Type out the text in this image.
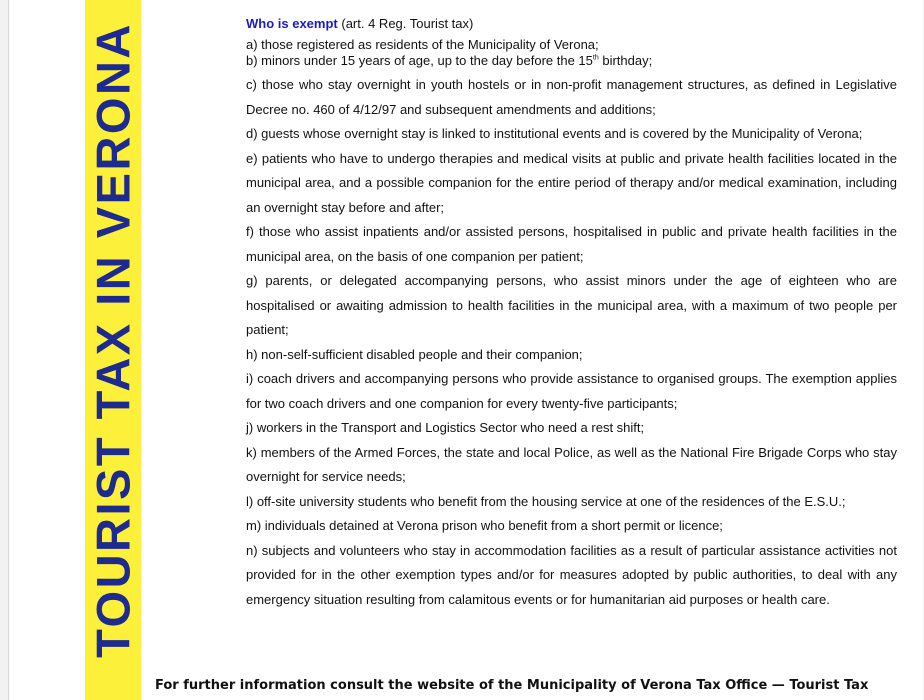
TOURIST TAX IN VERONA	Who is exempt (art. 4 Reg. Tourist tax)
a) those registered as residents of the Municipality of Verona;
b) minors under 15 years of age, up to the day before the 15th birthday;
c) those who stay overnight in youth hostels or in non-profit management structures, as defined in Legislative Decree no. 460 of 4/12/97 and subsequent amendments and additions;
d) guests whose overnight stay is linked to institutional events and is covered by the Municipality of Verona;
e) patients who have to undergo therapies and medical visits at public and private health facilities located in the municipal area, and a possible companion for the entire period of therapy and/or medical examination, including an overnight stay before and after;
f) those who assist inpatients and/or assisted persons, hospitalised in public and private health facilities in the municipal area, on the basis of one companion per patient;
g) parents, or delegated accompanying persons, who assist minors under the age of eighteen who are hospitalised or awaiting admission to health facilities in the municipal area, with a maximum of two people per patient;
h) non-self-sufficient disabled people and their companion;
i) coach drivers and accompanying persons who provide assistance to organised groups. The exemption applies for two coach drivers and one companion for every twenty-five participants;
j) workers in the Transport and Logistics Sector who need a rest shift;
k) members of the Armed Forces, the state and local Police, as well as the National Fire Brigade Corps who stay overnight for service needs;
l) off-site university students who benefit from the housing service at one of the residences of the E.S.U.;
m) individuals detained at Verona prison who benefit from a short permit or licence;
n) subjects and volunteers who stay in accommodation facilities as a result of particular assistance activities not provided for in the other exemption types and/or for measures adopted by public authorities, to deal with any emergency situation resulting from calamitous events or for humanitarian aid purposes or health care.
For further information consult the website of the Municipality of Verona Tax Office — Tourist Tax
